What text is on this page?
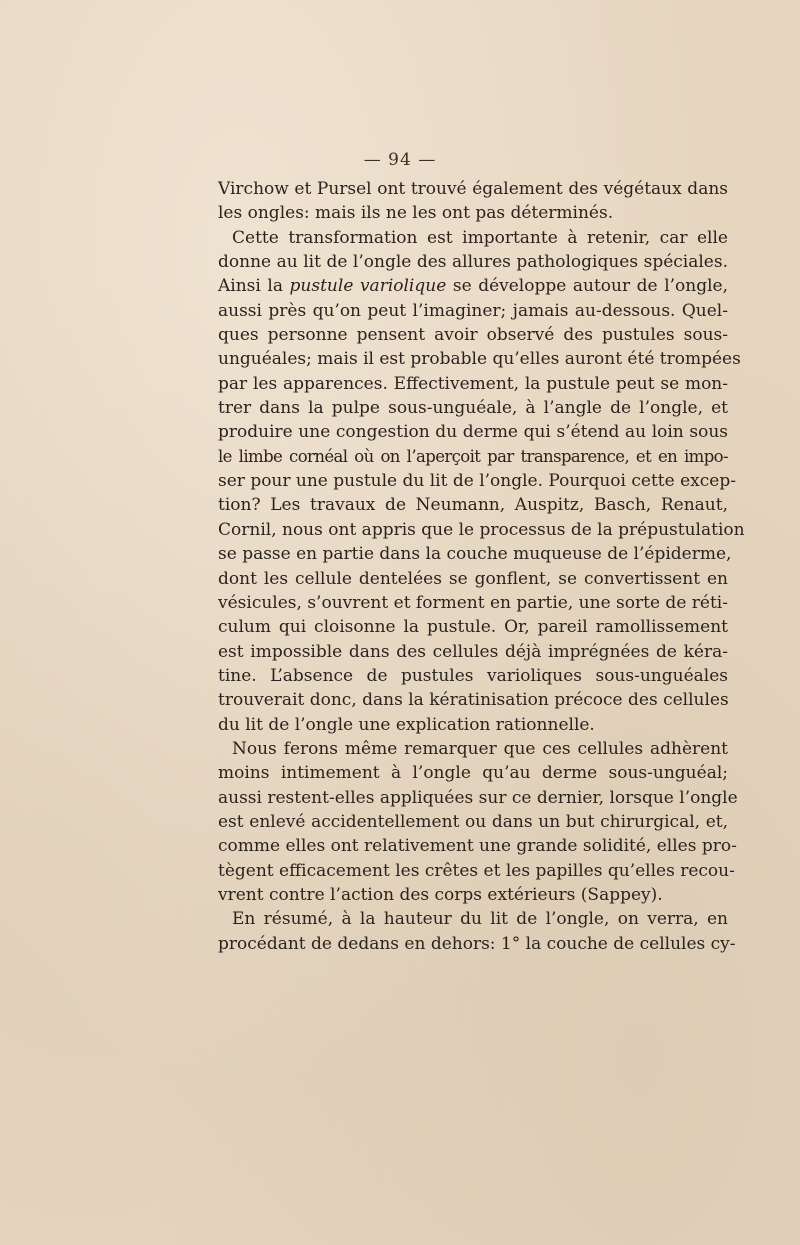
— 94 —
Virchow et Pursel ont trouvé également des végétaux dans
les ongles: mais ils ne les ont pas déterminés.
Cette transformation est importante à retenir, car elle
donne au lit de l’ongle des allures pathologiques spéciales.
Ainsi la pustule variolique se développe autour de l’ongle,
aussi près qu’on peut l’imaginer; jamais au-dessous. Quel-
ques personne pensent avoir observé des pustules sous-
unguéales; mais il est probable qu’elles auront été trompées
par les apparences. Effectivement, la pustule peut se mon-
trer dans la pulpe sous-unguéale, à l’angle de l’ongle, et
produire une congestion du derme qui s’étend au loin sous
le limbe cornéal où on l’aperçoit par transparence, et en impo-
ser pour une pustule du lit de l’ongle. Pourquoi cette excep-
tion? Les travaux de Neumann, Auspitz, Basch, Renaut,
Cornil, nous ont appris que le processus de la prépustulation
se passe en partie dans la couche muqueuse de l’épiderme,
dont les cellule dentelées se gonflent, se convertissent en
vésicules, s’ouvrent et forment en partie, une sorte de réti-
culum qui cloisonne la pustule. Or, pareil ramollissement
est impossible dans des cellules déjà imprégnées de kéra-
tine. L’absence de pustules varioliques sous-unguéales
trouverait donc, dans la kératinisation précoce des cellules
du lit de l’ongle une explication rationnelle.
Nous ferons même remarquer que ces cellules adhèrent
moins intimement à l’ongle qu’au derme sous-unguéal;
aussi restent-elles appliquées sur ce dernier, lorsque l’ongle
est enlevé accidentellement ou dans un but chirurgical, et,
comme elles ont relativement une grande solidité, elles pro-
tègent efficacement les crêtes et les papilles qu’elles recou-
vrent contre l’action des corps extérieurs (Sappey).
En résumé, à la hauteur du lit de l’ongle, on verra, en
procédant de dedans en dehors: 1° la couche de cellules cy-
